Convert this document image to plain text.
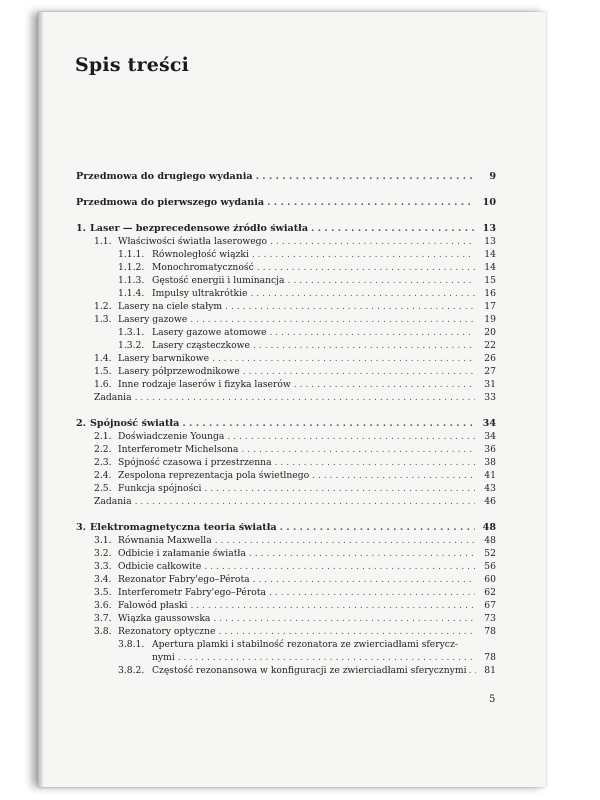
Spis treści
Przedmowa do drugiego wydania . . .	9
Przedmowa do pierwszego wydania . . .	10
1. Laser — bezprecedensowe źródło światła . . .	13
1.1. Właściwości światła laserowego . . .	13
1.1.1. Równoległość wiązki . . .	14
1.1.2. Monochromatyczność . . .	14
1.1.3. Gęstość energii i luminancja . . .	15
1.1.4. Impulsy ultrakrótkie . . .	16
1.2. Lasery na ciele stałym . . .	17
1.3. Lasery gazowe . . .	19
1.3.1. Lasery gazowe atomowe . . .	20
1.3.2. Lasery cząsteczkowe . . .	22
1.4. Lasery barwnikowe . . .	26
1.5. Lasery półprzewodnikowe . . .	27
1.6. Inne rodzaje laserów i fizyka laserów . . .	31
Zadania . . .	33
2. Spójność światła . . .	34
2.1. Doświadczenie Younga . . .	34
2.2. Interferometr Michelsona . . .	36
2.3. Spójność czasowa i przestrzenna . . .	38
2.4. Zespolona reprezentacja pola świetlnego . . .	41
2.5. Funkcja spójności . . .	43
Zadania . . .	46
3. Elektromagnetyczna teoria światła . . .	48
3.1. Równania Maxwella . . .	48
3.2. Odbicie i załamanie światła . . .	52
3.3. Odbicie całkowite . . .	56
3.4. Rezonator Fabry'ego–Pérota . . .	60
3.5. Interferometr Fabry'ego–Pérota . . .	62
3.6. Falowód płaski . . .	67
3.7. Wiązka gaussowska . . .	73
3.8. Rezonatory optyczne . . .	78
3.8.1. Apertura plamki i stabilność rezonatora ze zwierciadłami sferycz-
nymi . . .	78
3.8.2. Częstość rezonansowa w konfiguracji ze zwierciadłami sferycznymi . . .	81
5
